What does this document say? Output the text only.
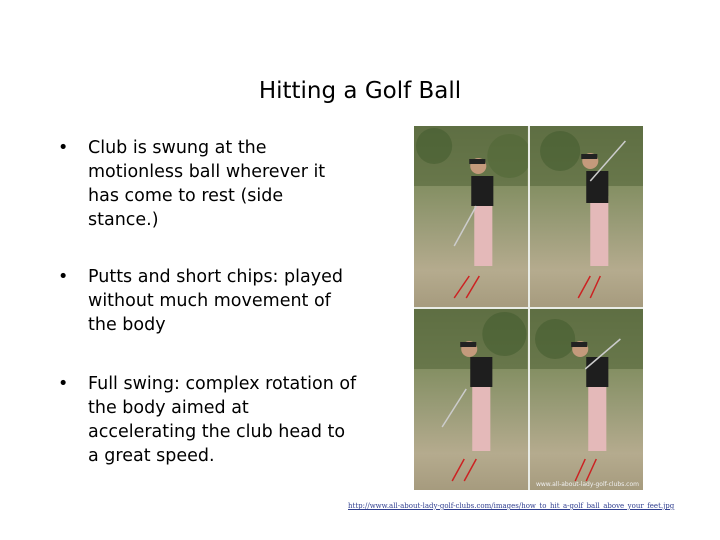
Hitting a Golf Ball
• Club is swung at the motionless ball wherever it has come to rest (side stance.)
• Putts and short chips: played without much movement of the body
• Full swing: complex rotation of the body aimed at accelerating the club head to a great speed.
www.all-about-lady-golf-clubs.com
http://www.all-about-lady-golf-clubs.com/images/how_to_hit_a-golf_ball_above_your_feet.jpg
